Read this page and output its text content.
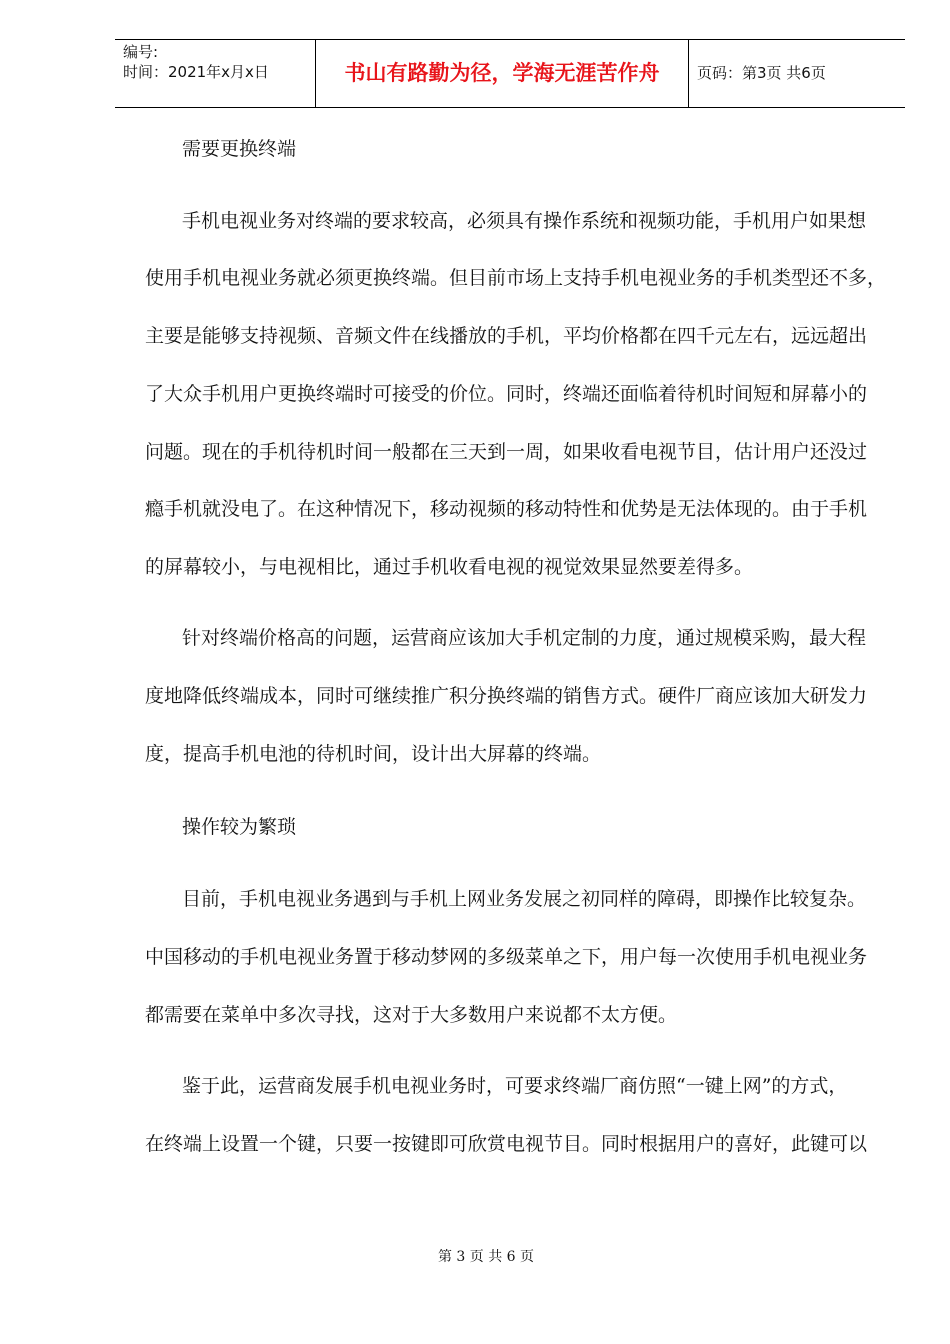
编号:
时间：2021年x月x日	书山有路勤为径，学海无涯苦作舟	页码：第3页 共6页
需要更换终端
手机电视业务对终端的要求较高，必须具有操作系统和视频功能，手机用户如果想
使用手机电视业务就必须更换终端。但目前市场上支持手机电视业务的手机类型还不多，
主要是能够支持视频、音频文件在线播放的手机，平均价格都在四千元左右，远远超出
了大众手机用户更换终端时可接受的价位。同时，终端还面临着待机时间短和屏幕小的
问题。现在的手机待机时间一般都在三天到一周，如果收看电视节目，估计用户还没过
瘾手机就没电了。在这种情况下，移动视频的移动特性和优势是无法体现的。由于手机
的屏幕较小，与电视相比，通过手机收看电视的视觉效果显然要差得多。
针对终端价格高的问题，运营商应该加大手机定制的力度，通过规模采购，最大程
度地降低终端成本，同时可继续推广积分换终端的销售方式。硬件厂商应该加大研发力
度，提高手机电池的待机时间，设计出大屏幕的终端。
操作较为繁琐
目前，手机电视业务遇到与手机上网业务发展之初同样的障碍，即操作比较复杂。
中国移动的手机电视业务置于移动梦网的多级菜单之下，用户每一次使用手机电视业务
都需要在菜单中多次寻找，这对于大多数用户来说都不太方便。
鉴于此，运营商发展手机电视业务时，可要求终端厂商仿照“一键上网”的方式，
在终端上设置一个键，只要一按键即可欣赏电视节目。同时根据用户的喜好，此键可以
第 3 页 共 6 页
